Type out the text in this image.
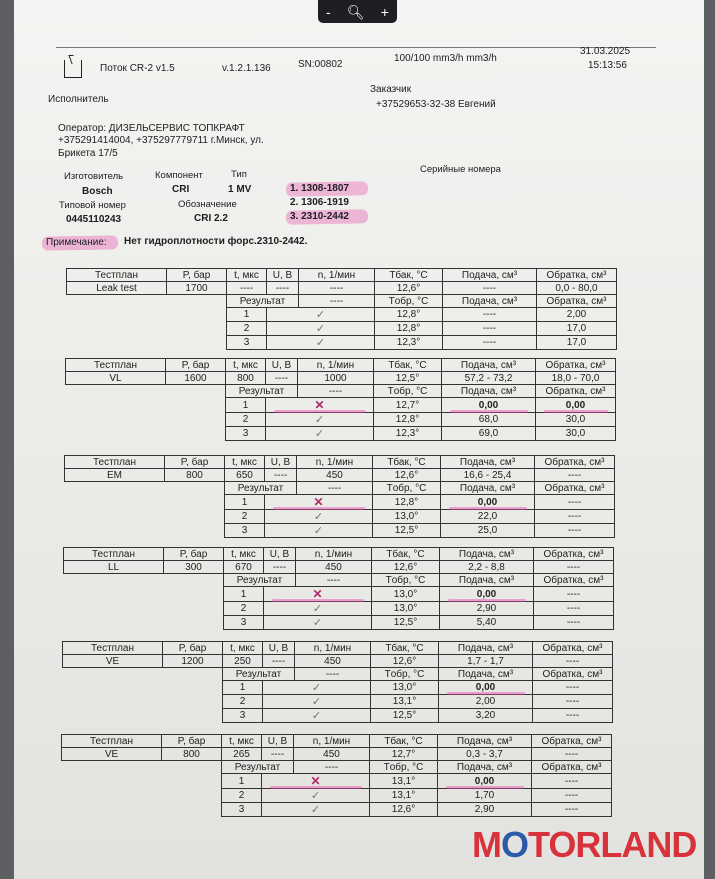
- 🔍︎ +
Поток CR-2 v1.5	v.1.2.1.136	SN:00802
100/100 mm3/h mm3/h
31.03.2025
15:13:56
Исполнитель
Заказчик
+37529653-32-38 Евгений
Оператор: ДИЗЕЛЬСЕРВИС ТОПКРАФТ
+375291414004, +375297779711 г.Минск, ул.
Брикета 17/5
Серийные номера
Изготовитель	Компонент	Тип
Bosch	CRI	1 MV
Типовой номер	Обозначение
0445110243	CRI 2.2
1. 1308-1807
2. 1306-1919
3. 2310-2442
Примечание: Нет гидроплотности форс.2310-2442.
Тестплан	P, бар	t, мкс	U, В	n, 1/мин	Tбак, °C	Подача, см³	Обратка, см³
Leak test	1700	----	----	----	12,6°	----	0,0 - 80,0
		Результат		----	Tобр, °C	Подача, см³	Обратка, см³
		1	✓		12,8°	----	2,00
		2	✓		12,8°	----	17,0
		3	✓		12,3°	----	17,0
Тестплан	P, бар	t, мкс	U, В	n, 1/мин	Tбак, °C	Подача, см³	Обратка, см³
VL	1600	800	----	1000	12,5°	57,2 - 73,2	18,0 - 70,0
		Результат		----	Tобр, °C	Подача, см³	Обратка, см³
		1	✕		12,7°	0,00	0,00
		2	✓		12,8°	68,0	30,0
		3	✓		12,3°	69,0	30,0
Тестплан	P, бар	t, мкс	U, В	n, 1/мин	Tбак, °C	Подача, см³	Обратка, см³
EM	800	650	----	450	12,6°	16,6 - 25,4	----
		Результат		----	Tобр, °C	Подача, см³	Обратка, см³
		1	✕		12,8°	0,00	----
		2	✓		13,0°	22,0	----
		3	✓		12,5°	25,0	----
Тестплан	P, бар	t, мкс	U, В	n, 1/мин	Tбак, °C	Подача, см³	Обратка, см³
LL	300	670	----	450	12,6°	2,2 - 8,8	----
		Результат		----	Tобр, °C	Подача, см³	Обратка, см³
		1	✕		13,0°	0,00	----
		2	✓		13,0°	2,90	----
		3	✓		12,5°	5,40	----
Тестплан	P, бар	t, мкс	U, В	n, 1/мин	Tбак, °C	Подача, см³	Обратка, см³
VE	1200	250	----	450	12,6°	1,7 - 1,7	----
		Результат		----	Tобр, °C	Подача, см³	Обратка, см³
		1	✓		13,0°	0,00	----
		2	✓		13,1°	2,00	----
		3	✓		12,5°	3,20	----
Тестплан	P, бар	t, мкс	U, В	n, 1/мин	Tбак, °C	Подача, см³	Обратка, см³
VE	800	265	----	450	12,7°	0,3 - 3,7	----
		Результат		----	Tобр, °C	Подача, см³	Обратка, см³
		1	✕		13,1°	0,00	----
		2	✓		13,1°	1,70	----
		3	✓		12,6°	2,90	----
MOTORLAND
